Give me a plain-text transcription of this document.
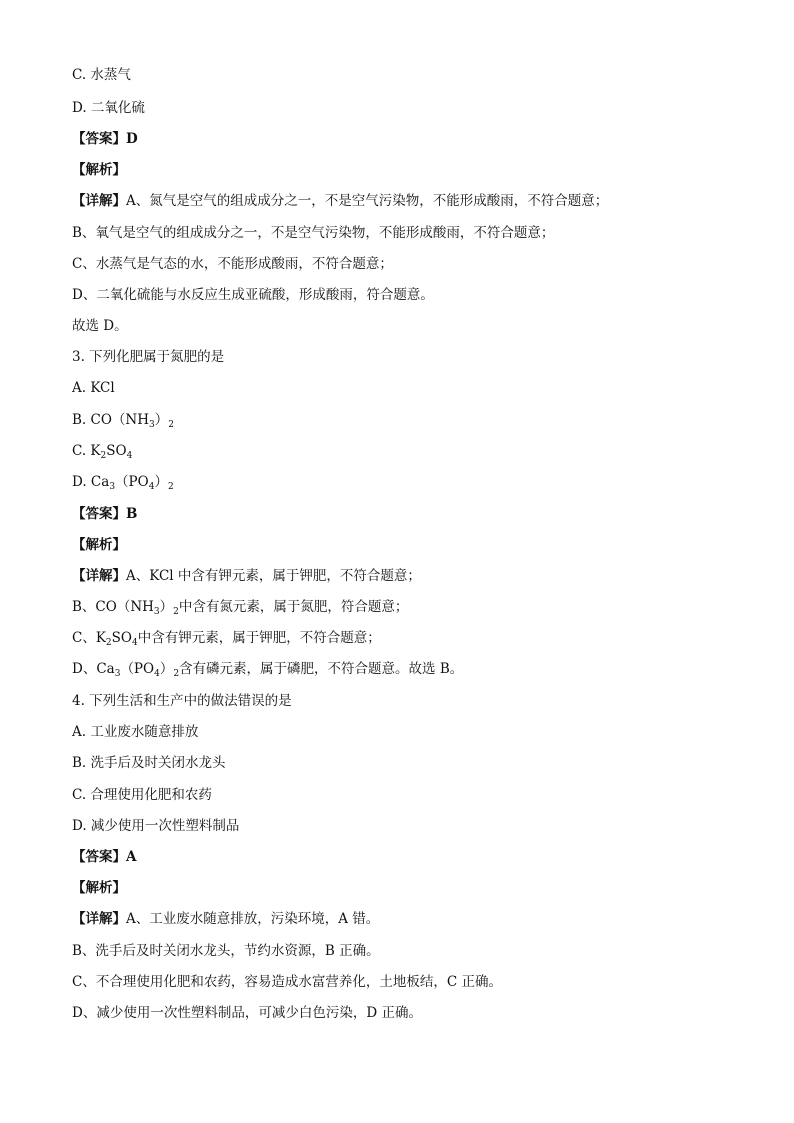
C. 水蒸气
D. 二氧化硫
【答案】D
【解析】
【详解】A、氮气是空气的组成成分之一，不是空气污染物，不能形成酸雨，不符合题意；
B、氧气是空气的组成成分之一，不是空气污染物，不能形成酸雨，不符合题意；
C、水蒸气是气态的水，不能形成酸雨，不符合题意；
D、二氧化硫能与水反应生成亚硫酸，形成酸雨，符合题意。
故选 D。
3. 下列化肥属于氮肥的是
A. KCl
B. $CO(NH_3)_2$
C. $K_2SO_4$
D. $Ca_3(PO_4)_2$
【答案】B
【解析】
【详解】A、KCl 中含有钾元素，属于钾肥，不符合题意；
B、$CO(NH_3)_2$中含有氮元素，属于氮肥，符合题意；
C、$K_2SO_4$中含有钾元素，属于钾肥，不符合题意；
D、$Ca_3(PO_4)_2$含有磷元素，属于磷肥，不符合题意。故选 B。
4. 下列生活和生产中的做法错误的是
A. 工业废水随意排放
B. 洗手后及时关闭水龙头
C. 合理使用化肥和农药
D. 减少使用一次性塑料制品
【答案】A
【解析】
【详解】A、工业废水随意排放，污染环境，A 错。
B、洗手后及时关闭水龙头，节约水资源，B 正确。
C、不合理使用化肥和农药，容易造成水富营养化，土地板结，C 正确。
D、减少使用一次性塑料制品，可减少白色污染，D 正确。
